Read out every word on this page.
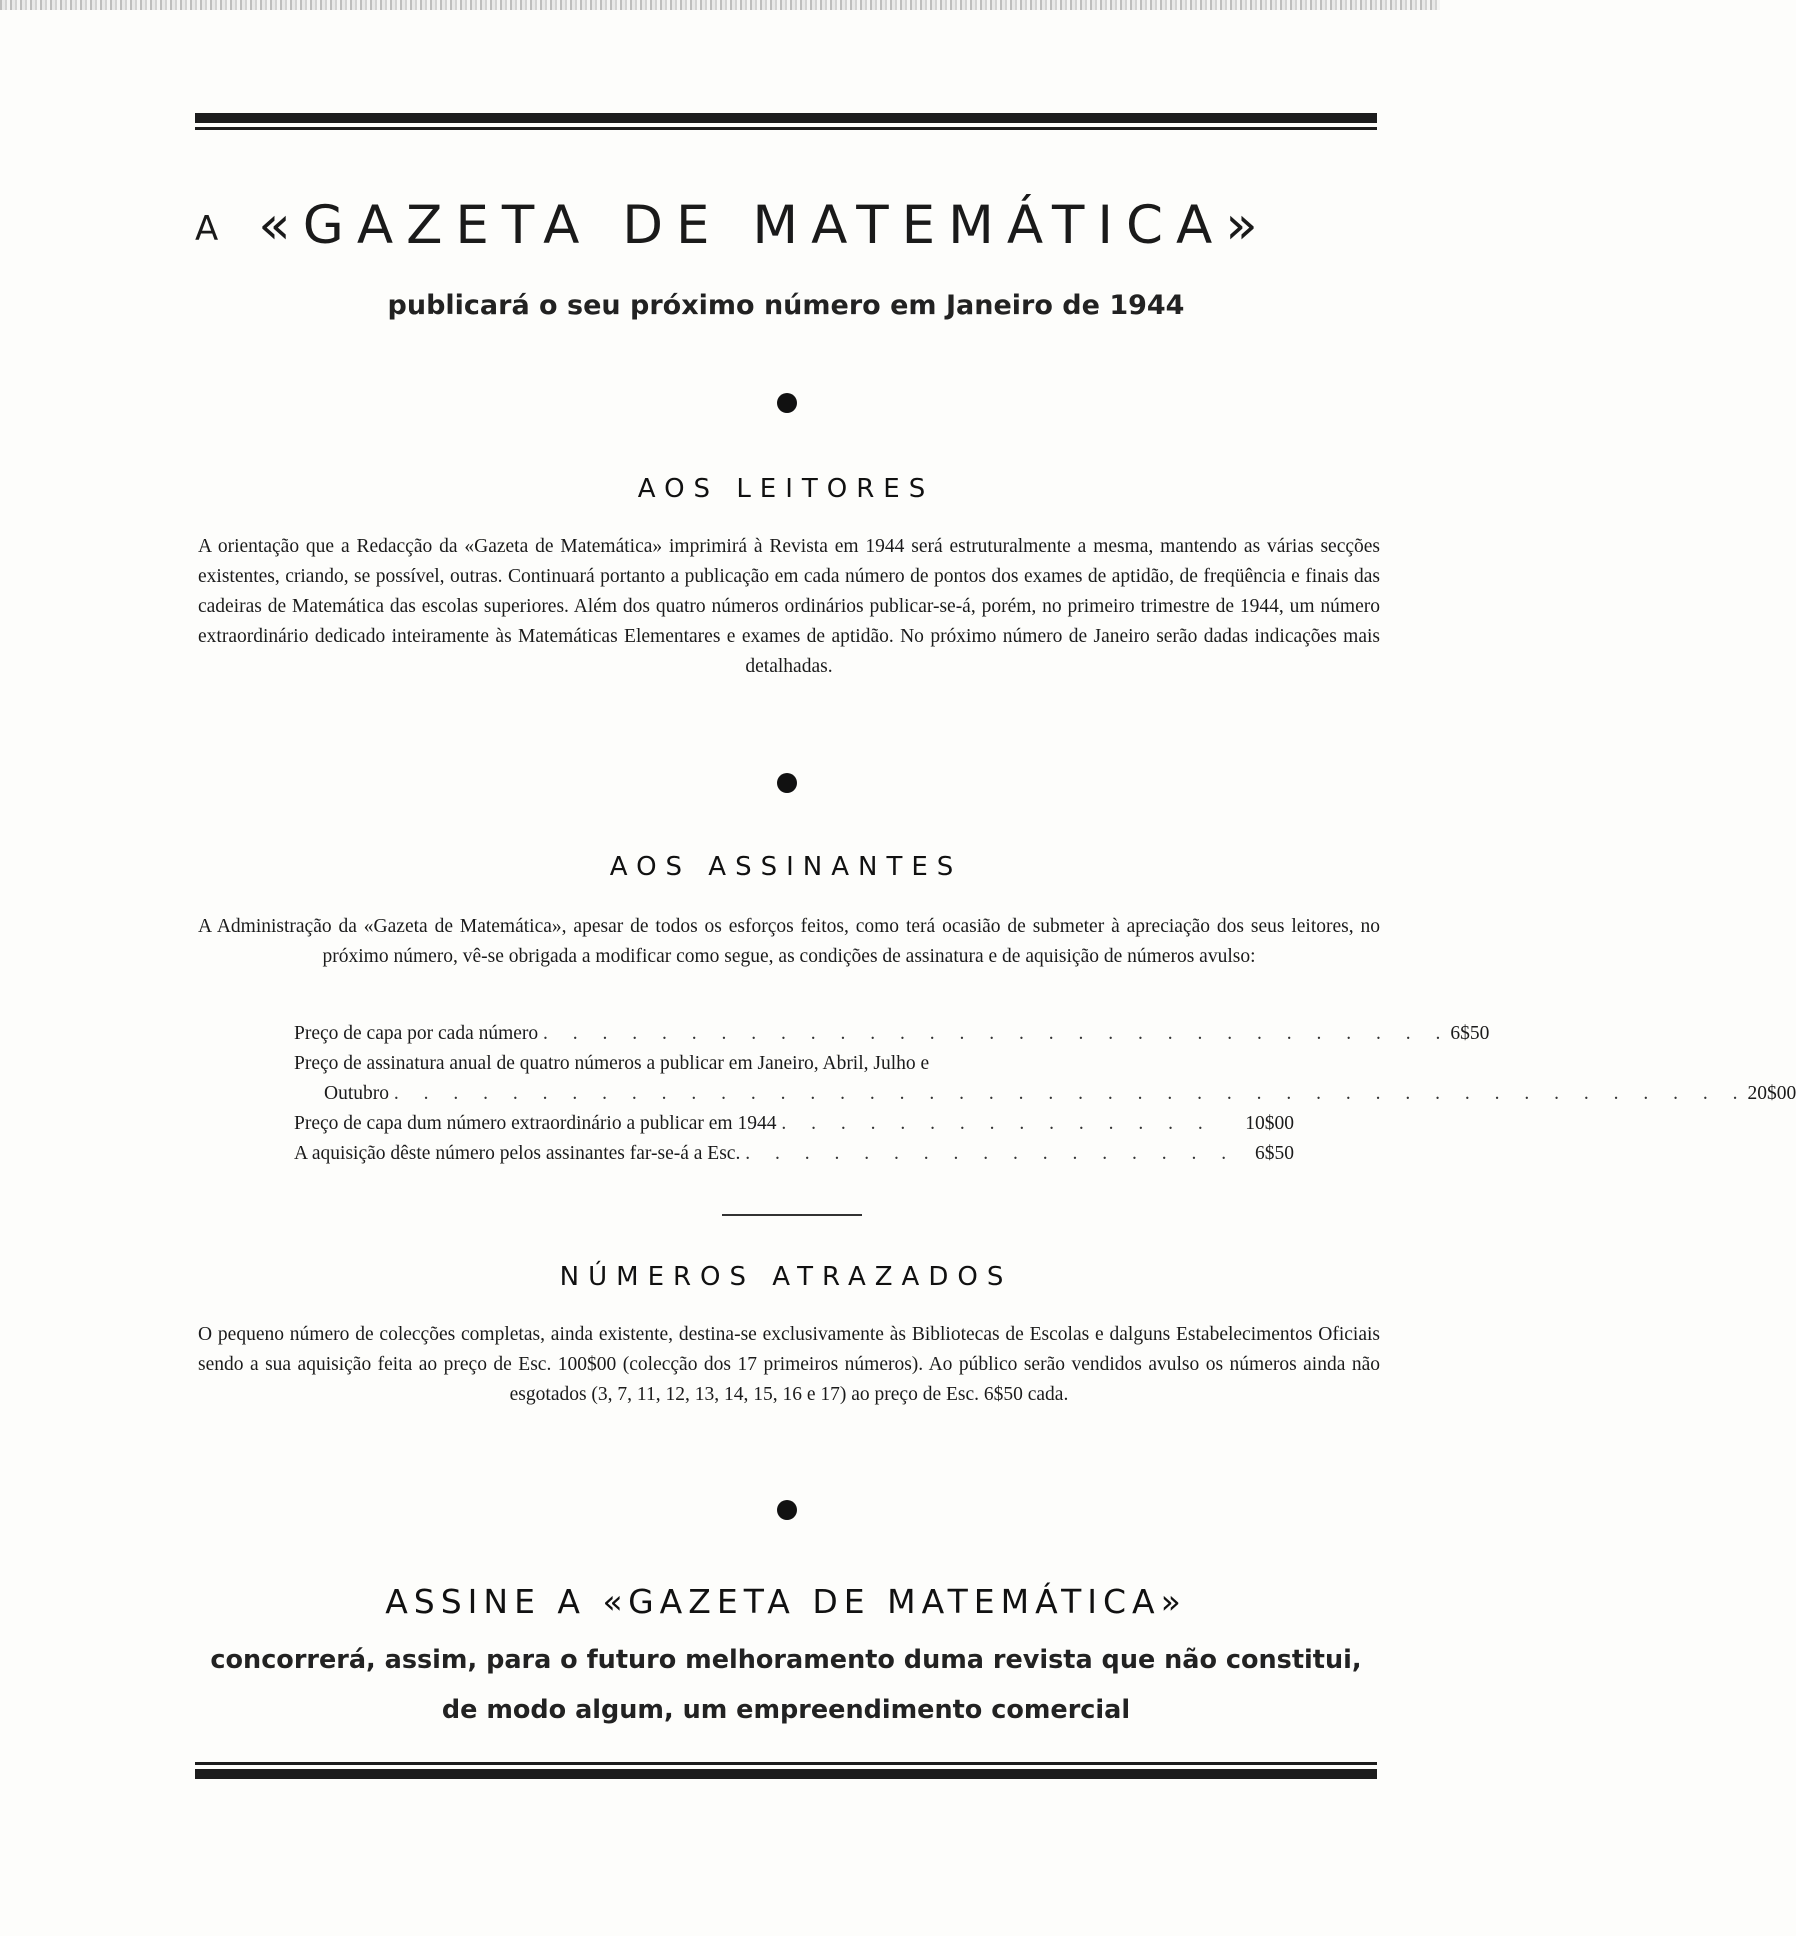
A «GAZETA DE MATEMÁTICA»
publicará o seu próximo número em Janeiro de 1944
AOS LEITORES
A orientação que a Redacção da «Gazeta de Matemática» imprimirá à Revista em 1944 será estruturalmente a mesma, mantendo as várias secções existentes, criando, se possível, outras. Continuará portanto a publicação em cada número de pontos dos exames de aptidão, de freqüência e finais das cadeiras de Matemática das escolas superiores. Além dos quatro números ordinários publicar-se-á, porém, no primeiro trimestre de 1944, um número extraordinário dedicado inteiramente às Matemáticas Elementares e exames de aptidão. No próximo número de Janeiro serão dadas indicações mais detalhadas.
AOS ASSINANTES
A Administração da «Gazeta de Matemática», apesar de todos os esforços feitos, como terá ocasião de submeter à apreciação dos seus leitores, no próximo número, vê-se obrigada a modificar como segue, as condições de assinatura e de aquisição de números avulso:
Preço de capa por cada número . . . . . . . . . . . . . . . . . . . . . . . . . . . . . . . 6$50
Preço de assinatura anual de quatro números a publicar em Janeiro, Abril, Julho e
Outubro . . . . . . . . . . . . . . . . . . . . . . . . . . . . . . . . . . . . . . . . . . . . . . 20$00
Preço de capa dum número extraordinário a publicar em 1944 . . . . . . . . . . . . . . .	10$00
A aquisição dêste número pelos assinantes far-se-á a Esc. . . . . . . . . . . . . . . . . . 6$50
NÚMEROS ATRAZADOS
O pequeno número de colecções completas, ainda existente, destina-se exclusivamente às Bibliotecas de Escolas e dalguns Estabelecimentos Oficiais sendo a sua aquisição feita ao preço de Esc. 100$00 (colecção dos 17 primeiros números). Ao público serão vendidos avulso os números ainda não esgotados (3, 7, 11, 12, 13, 14, 15, 16 e 17) ao preço de Esc. 6$50 cada.
ASSINE A «GAZETA DE MATEMÁTICA»
concorrerá, assim, para o futuro melhoramento duma revista que não constitui,
de modo algum, um empreendimento comercial
